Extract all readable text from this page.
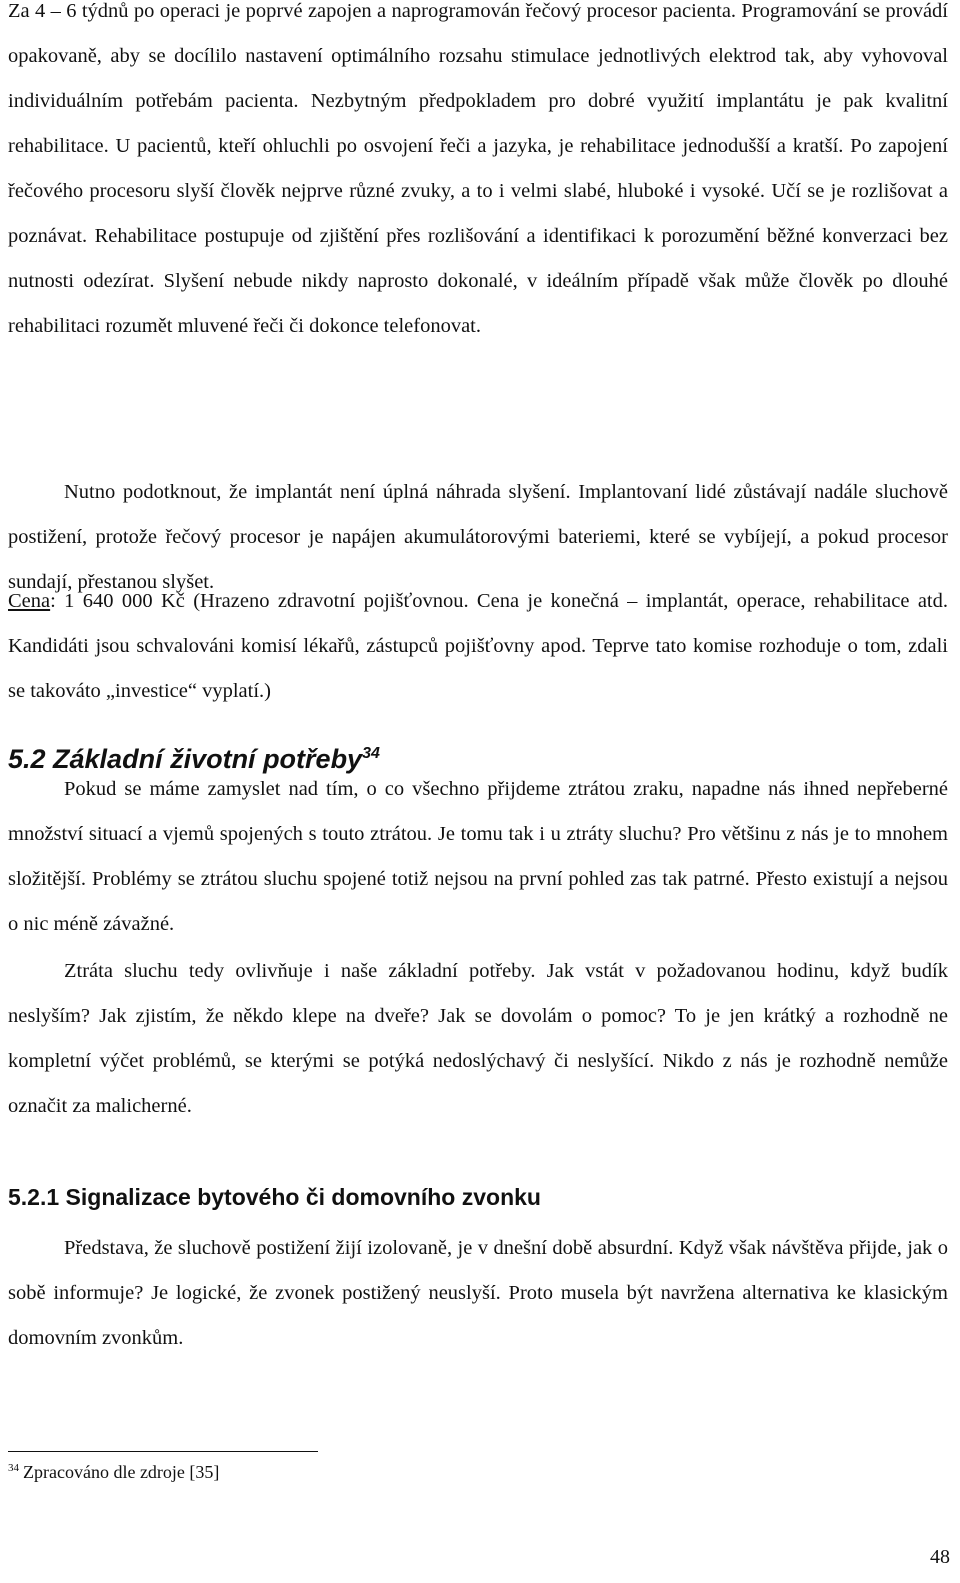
Za 4 – 6 týdnů po operaci je poprvé zapojen a naprogramován řečový procesor pacienta. Programování se provádí opakovaně, aby se docílilo nastavení optimálního rozsahu stimulace jednotlivých elektrod tak, aby vyhovoval individuálním potřebám pacienta. Nezbytným předpokladem pro dobré využití implantátu je pak kvalitní rehabilitace. U pacientů, kteří ohluchli po osvojení řeči a jazyka, je rehabilitace jednodušší a kratší. Po zapojení řečového procesoru slyší člověk nejprve různé zvuky, a to i velmi slabé, hluboké i vysoké. Učí se je rozlišovat a poznávat. Rehabilitace postupuje od zjištění přes rozlišování a identifikaci k porozumění běžné konverzaci bez nutnosti odezírat. Slyšení nebude nikdy naprosto dokonalé, v ideálním případě však může člověk po dlouhé rehabilitaci rozumět mluvené řeči či dokonce telefonovat.

Nutno podotknout, že implantát není úplná náhrada slyšení. Implantovaní lidé zůstávají nadále sluchově postižení, protože řečový procesor je napájen akumulátorovými bateriemi, které se vybíjejí, a pokud procesor sundají, přestanou slyšet.

Cena: 1 640 000 Kč (Hrazeno zdravotní pojišťovnou. Cena je konečná – implantát, operace, rehabilitace atd. Kandidáti jsou schvalováni komisí lékařů, zástupců pojišťovny apod. Teprve tato komise rozhoduje o tom, zdali se takováto „investice“ vyplatí.)

5.2 Základní životní potřeby$^{34}$

Pokud se máme zamyslet nad tím, o co všechno přijdeme ztrátou zraku, napadne nás ihned nepřeberné množství situací a vjemů spojených s touto ztrátou. Je tomu tak i u ztráty sluchu? Pro většinu z nás je to mnohem složitější. Problémy se ztrátou sluchu spojené totiž nejsou na první pohled zas tak patrné. Přesto existují a nejsou o nic méně závažné.

Ztráta sluchu tedy ovlivňuje i naše základní potřeby. Jak vstát v požadovanou hodinu, když budík neslyším? Jak zjistím, že někdo klepe na dveře? Jak se dovolám o pomoc? To je jen krátký a rozhodně ne kompletní výčet problémů, se kterými se potýká nedoslýchavý či neslyšící. Nikdo z nás je rozhodně nemůže označit za malicherné.

5.2.1 Signalizace bytového či domovního zvonku

Představa, že sluchově postižení žijí izolovaně, je v dnešní době absurdní. Když však návštěva přijde, jak o sobě informuje? Je logické, že zvonek postižený neuslyší. Proto musela být navržena alternativa ke klasickým domovním zvonkům.

$^{34}$ Zpracováno dle zdroje [35]
48
